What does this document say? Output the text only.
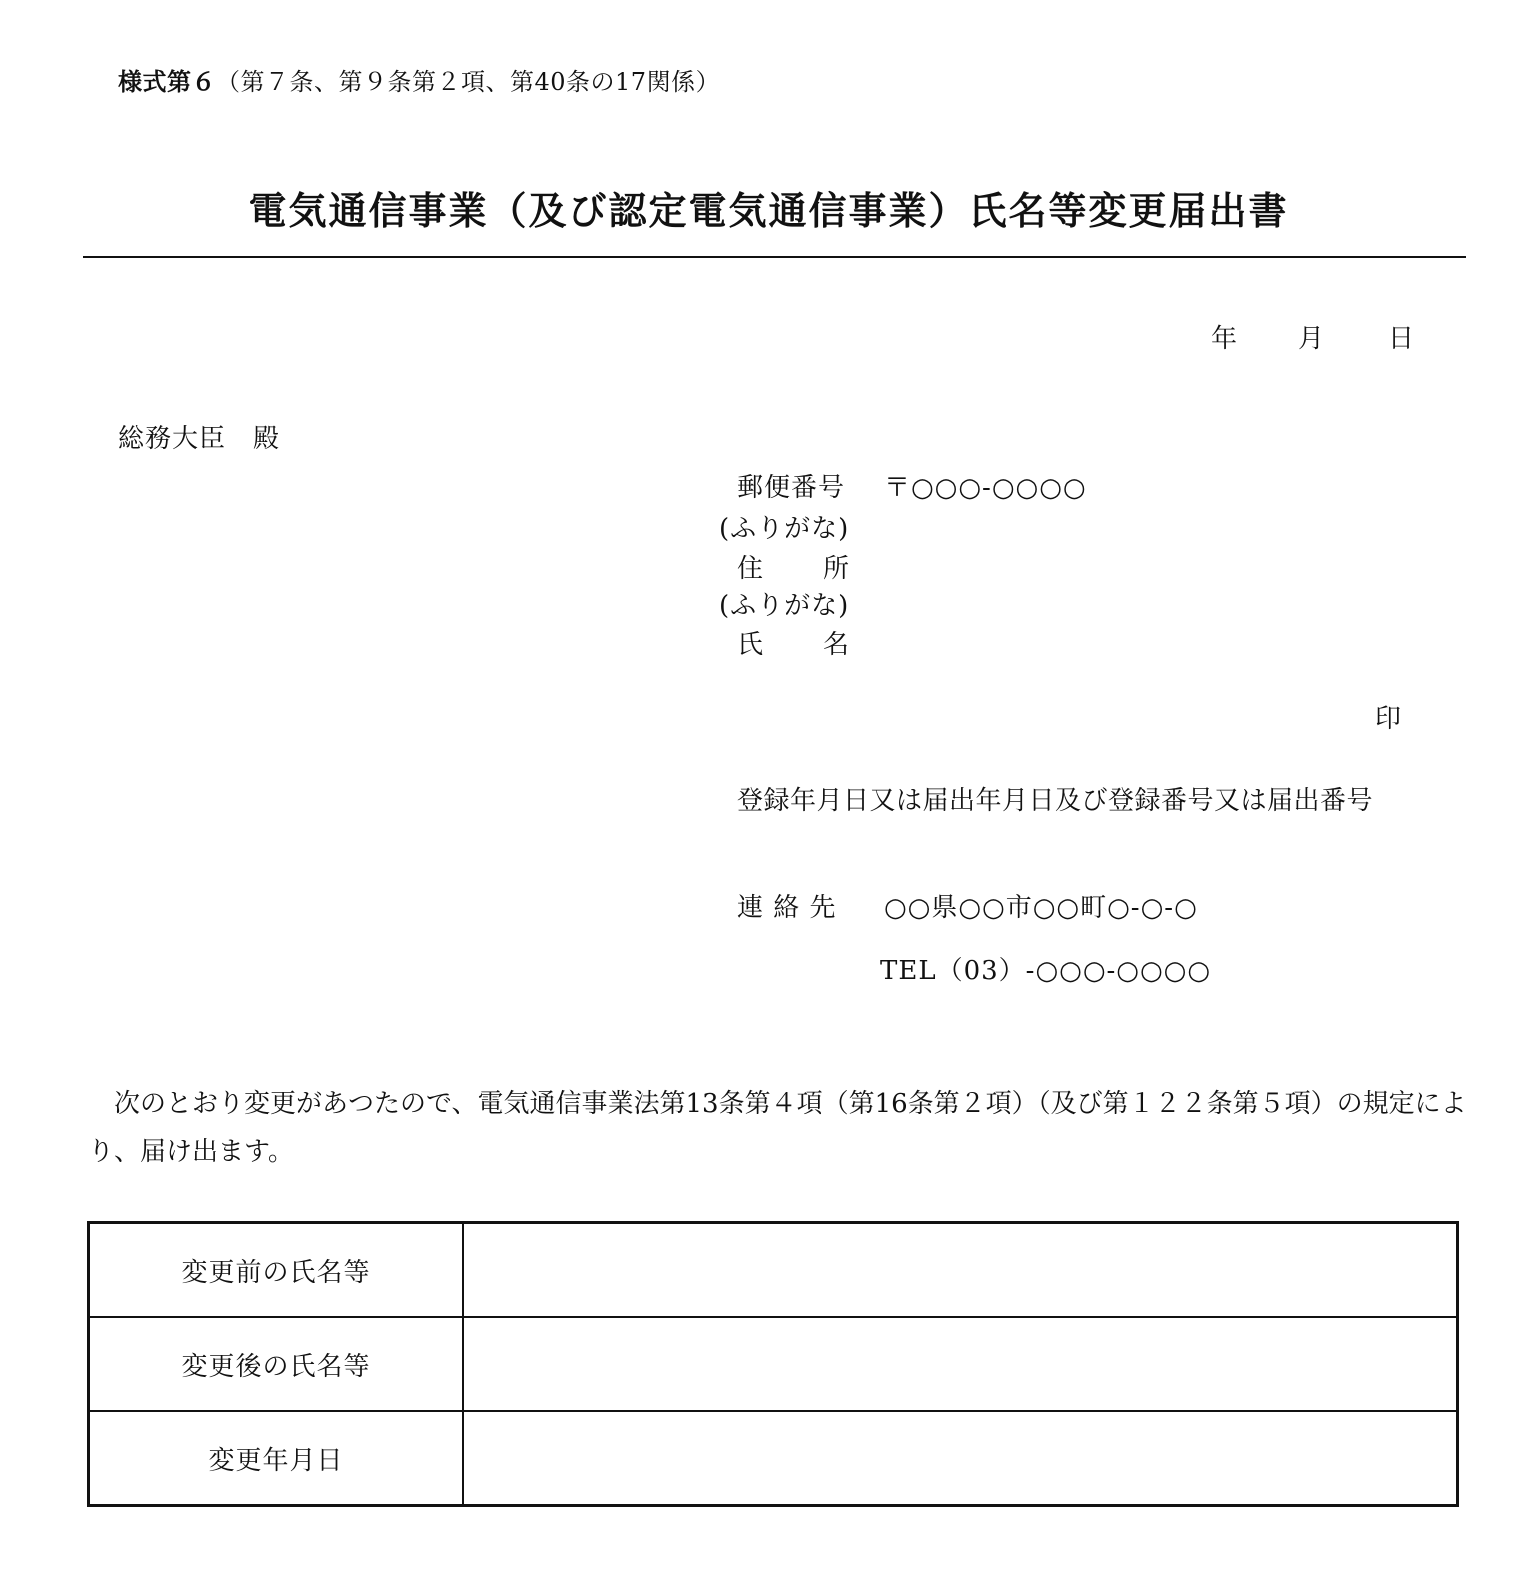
様式第６（第７条、第９条第２項、第40条の17関係）
電気通信事業（及び認定電気通信事業）氏名等変更届出書
年 月 日
総務大臣　殿
郵便番号 〒○○○-○○○○
(ふりがな)
住 所
(ふりがな)
氏 名
印
登録年月日又は届出年月日及び登録番号又は届出番号
連 絡 先 ○○県○○市○○町○-○-○
TEL（03）-○○○-○○○○
　次のとおり変更があつたので、電気通信事業法第13条第４項（第16条第２項）（及び第１２２条第５項）の規定により、届け出ます。
変更前の氏名等	
変更後の氏名等	
変更年月日	
